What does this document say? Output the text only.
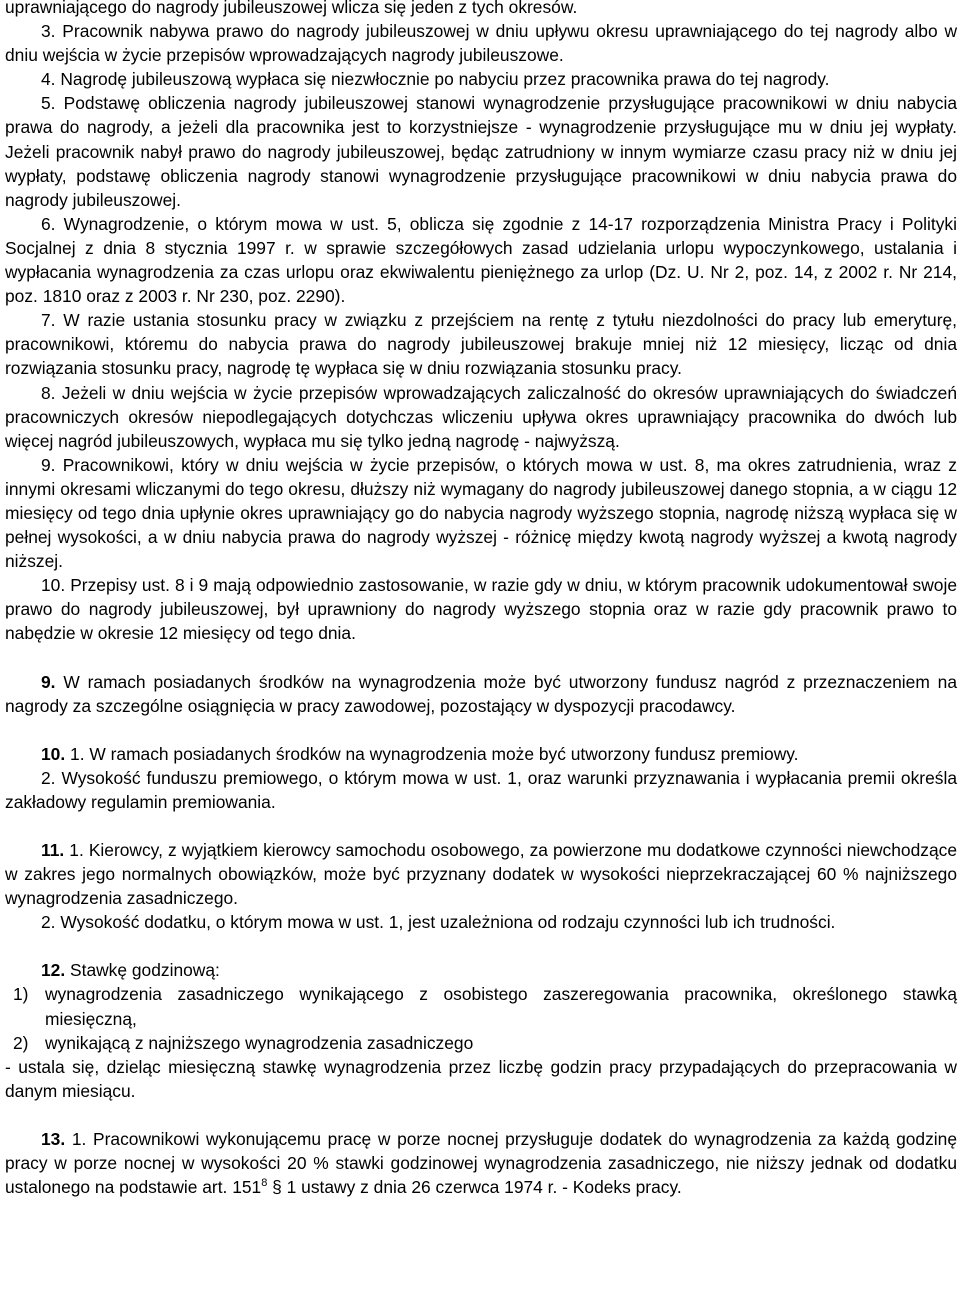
uprawniającego do nagrody jubileuszowej wlicza się jeden z tych okresów.

3. Pracownik nabywa prawo do nagrody jubileuszowej w dniu upływu okresu uprawniającego do tej nagrody albo w dniu wejścia w życie przepisów wprowadzających nagrody jubileuszowe.

4. Nagrodę jubileuszową wypłaca się niezwłocznie po nabyciu przez pracownika prawa do tej nagrody.

5. Podstawę obliczenia nagrody jubileuszowej stanowi wynagrodzenie przysługujące pracownikowi w dniu nabycia prawa do nagrody, a jeżeli dla pracownika jest to korzystniejsze - wynagrodzenie przysługujące mu w dniu jej wypłaty. Jeżeli pracownik nabył prawo do nagrody jubileuszowej, będąc zatrudniony w innym wymiarze czasu pracy niż w dniu jej wypłaty, podstawę obliczenia nagrody stanowi wynagrodzenie przysługujące pracownikowi w dniu nabycia prawa do nagrody jubileuszowej.

6. Wynagrodzenie, o którym mowa w ust. 5, oblicza się zgodnie z 14-17 rozporządzenia Ministra Pracy i Polityki Socjalnej z dnia 8 stycznia 1997 r. w sprawie szczegółowych zasad udzielania urlopu wypoczynkowego, ustalania i wypłacania wynagrodzenia za czas urlopu oraz ekwiwalentu pieniężnego za urlop (Dz. U. Nr 2, poz. 14, z 2002 r. Nr 214, poz. 1810 oraz z 2003 r. Nr 230, poz. 2290).

7. W razie ustania stosunku pracy w związku z przejściem na rentę z tytułu niezdolności do pracy lub emeryturę, pracownikowi, któremu do nabycia prawa do nagrody jubileuszowej brakuje mniej niż 12 miesięcy, licząc od dnia rozwiązania stosunku pracy, nagrodę tę wypłaca się w dniu rozwiązania stosunku pracy.

8. Jeżeli w dniu wejścia w życie przepisów wprowadzających zaliczalność do okresów uprawniających do świadczeń pracowniczych okresów niepodlegających dotychczas wliczeniu upływa okres uprawniający pracownika do dwóch lub więcej nagród jubileuszowych, wypłaca mu się tylko jedną nagrodę - najwyższą.

9. Pracownikowi, który w dniu wejścia w życie przepisów, o których mowa w ust. 8, ma okres zatrudnienia, wraz z innymi okresami wliczanymi do tego okresu, dłuższy niż wymagany do nagrody jubileuszowej danego stopnia, a w ciągu 12 miesięcy od tego dnia upłynie okres uprawniający go do nabycia nagrody wyższego stopnia, nagrodę niższą wypłaca się w pełnej wysokości, a w dniu nabycia prawa do nagrody wyższej - różnicę między kwotą nagrody wyższej a kwotą nagrody niższej.

10. Przepisy ust. 8 i 9 mają odpowiednio zastosowanie, w razie gdy w dniu, w którym pracownik udokumentował swoje prawo do nagrody jubileuszowej, był uprawniony do nagrody wyższego stopnia oraz w razie gdy pracownik prawo to nabędzie w okresie 12 miesięcy od tego dnia.

9. W ramach posiadanych środków na wynagrodzenia może być utworzony fundusz nagród z przeznaczeniem na nagrody za szczególne osiągnięcia w pracy zawodowej, pozostający w dyspozycji pracodawcy.

10. 1. W ramach posiadanych środków na wynagrodzenia może być utworzony fundusz premiowy.

2. Wysokość funduszu premiowego, o którym mowa w ust. 1, oraz warunki przyznawania i wypłacania premii określa zakładowy regulamin premiowania.

11. 1. Kierowcy, z wyjątkiem kierowcy samochodu osobowego, za powierzone mu dodatkowe czynności niewchodzące w zakres jego normalnych obowiązków, może być przyznany dodatek w wysokości nieprzekraczającej 60 % najniższego wynagrodzenia zasadniczego.

2. Wysokość dodatku, o którym mowa w ust. 1, jest uzależniona od rodzaju czynności lub ich trudności.

12. Stawkę godzinową:

1) wynagrodzenia zasadniczego wynikającego z osobistego zaszeregowania pracownika, określonego stawką miesięczną,
2) wynikającą z najniższego wynagrodzenia zasadniczego

- ustala się, dzieląc miesięczną stawkę wynagrodzenia przez liczbę godzin pracy przypadających do przepracowania w danym miesiącu.

13. 1. Pracownikowi wykonującemu pracę w porze nocnej przysługuje dodatek do wynagrodzenia za każdą godzinę pracy w porze nocnej w wysokości 20 % stawki godzinowej wynagrodzenia zasadniczego, nie niższy jednak od dodatku ustalonego na podstawie art. $151^8$ § 1 ustawy z dnia 26 czerwca 1974 r. - Kodeks pracy.
